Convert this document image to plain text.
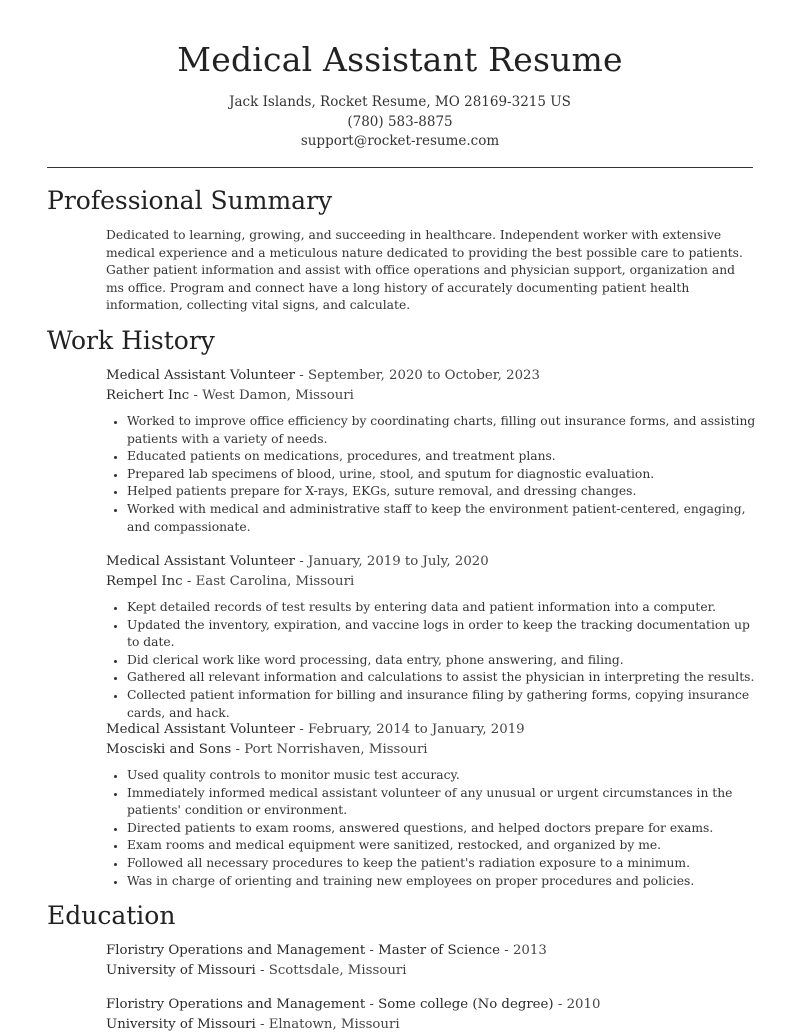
Medical Assistant Resume
Jack Islands, Rocket Resume, MO 28169-3215 US
(780) 583-8875
support@rocket-resume.com
Professional Summary
Dedicated to learning, growing, and succeeding in healthcare. Independent worker with extensive medical experience and a meticulous nature dedicated to providing the best possible care to patients. Gather patient information and assist with office operations and physician support, organization and ms office. Program and connect have a long history of accurately documenting patient health information, collecting vital signs, and calculate.
Work History
Medical Assistant Volunteer - September, 2020 to October, 2023
Reichert Inc - West Damon, Missouri
• Worked to improve office efficiency by coordinating charts, filling out insurance forms, and assisting patients with a variety of needs.
• Educated patients on medications, procedures, and treatment plans.
• Prepared lab specimens of blood, urine, stool, and sputum for diagnostic evaluation.
• Helped patients prepare for X-rays, EKGs, suture removal, and dressing changes.
• Worked with medical and administrative staff to keep the environment patient-centered, engaging, and compassionate.
Medical Assistant Volunteer - January, 2019 to July, 2020
Rempel Inc - East Carolina, Missouri
• Kept detailed records of test results by entering data and patient information into a computer.
• Updated the inventory, expiration, and vaccine logs in order to keep the tracking documentation up to date.
• Did clerical work like word processing, data entry, phone answering, and filing.
• Gathered all relevant information and calculations to assist the physician in interpreting the results.
• Collected patient information for billing and insurance filing by gathering forms, copying insurance cards, and hack.
Medical Assistant Volunteer - February, 2014 to January, 2019
Mosciski and Sons - Port Norrishaven, Missouri
• Used quality controls to monitor music test accuracy.
• Immediately informed medical assistant volunteer of any unusual or urgent circumstances in the patients' condition or environment.
• Directed patients to exam rooms, answered questions, and helped doctors prepare for exams.
• Exam rooms and medical equipment were sanitized, restocked, and organized by me.
• Followed all necessary procedures to keep the patient's radiation exposure to a minimum.
• Was in charge of orienting and training new employees on proper procedures and policies.
Education
Floristry Operations and Management - Master of Science - 2013
University of Missouri - Scottsdale, Missouri
Floristry Operations and Management - Some college (No degree) - 2010
University of Missouri - Elnatown, Missouri
